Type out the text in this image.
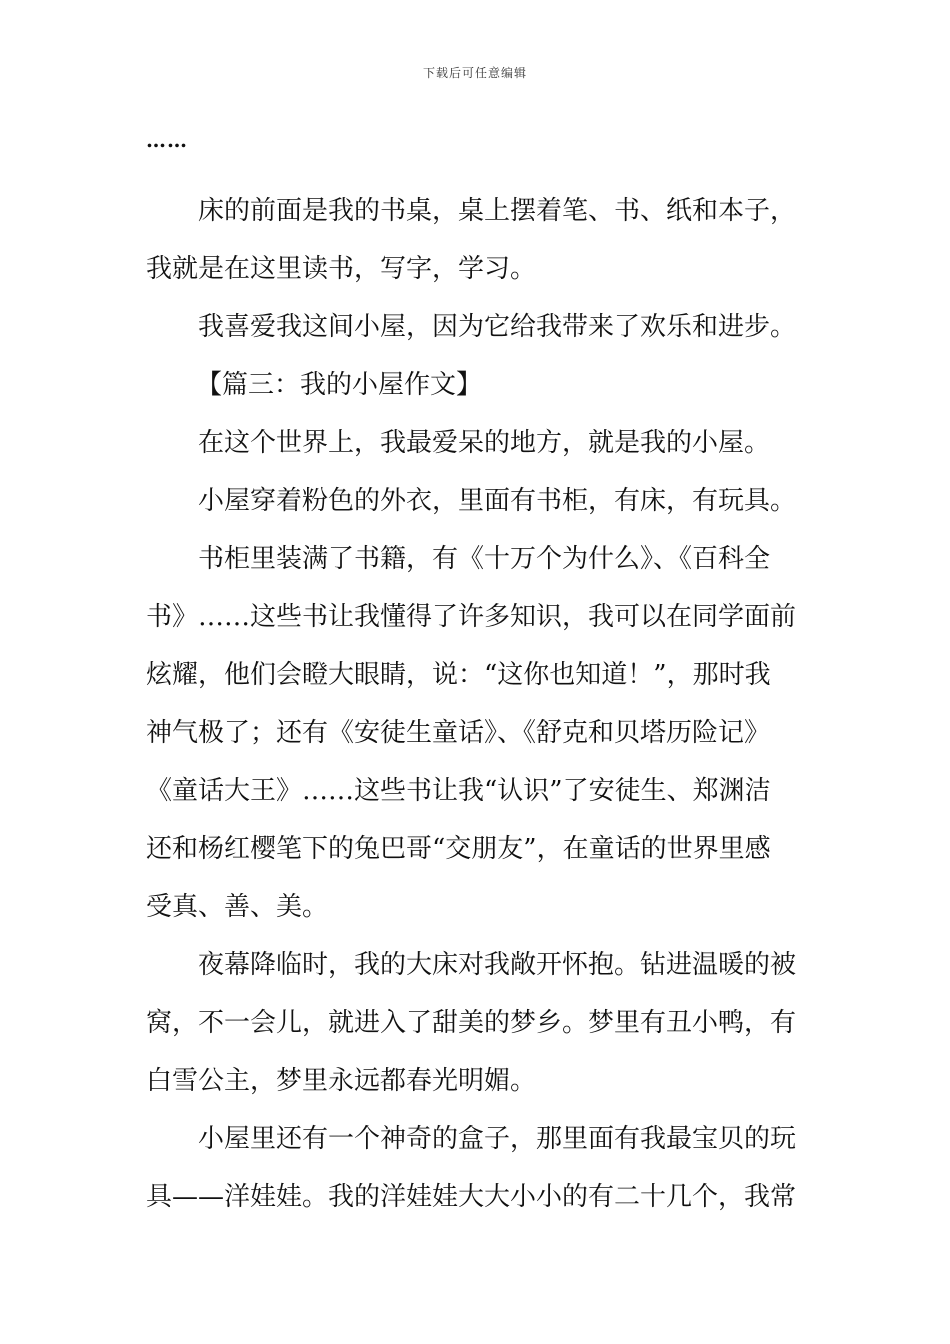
下载后可任意编辑
……
床的前面是我的书桌，桌上摆着笔、书、纸和本子，
我就是在这里读书，写字，学习。
我喜爱我这间小屋，因为它给我带来了欢乐和进步。
【篇三：我的小屋作文】
在这个世界上，我最爱呆的地方，就是我的小屋。
小屋穿着粉色的外衣，里面有书柜，有床，有玩具。
书柜里装满了书籍，有《十万个为什么》、《百科全
书》……这些书让我懂得了许多知识，我可以在同学面前
炫耀，他们会瞪大眼睛，说：“这你也知道！”，那时我
神气极了；还有《安徒生童话》、《舒克和贝塔历险记》
《童话大王》……这些书让我“认识”了安徒生、郑渊洁
还和杨红樱笔下的兔巴哥“交朋友”，在童话的世界里感
受真、善、美。
夜幕降临时，我的大床对我敞开怀抱。钻进温暖的被
窝，不一会儿，就进入了甜美的梦乡。梦里有丑小鸭，有
白雪公主，梦里永远都春光明媚。
小屋里还有一个神奇的盒子，那里面有我最宝贝的玩
具——洋娃娃。我的洋娃娃大大小小的有二十几个，我常
